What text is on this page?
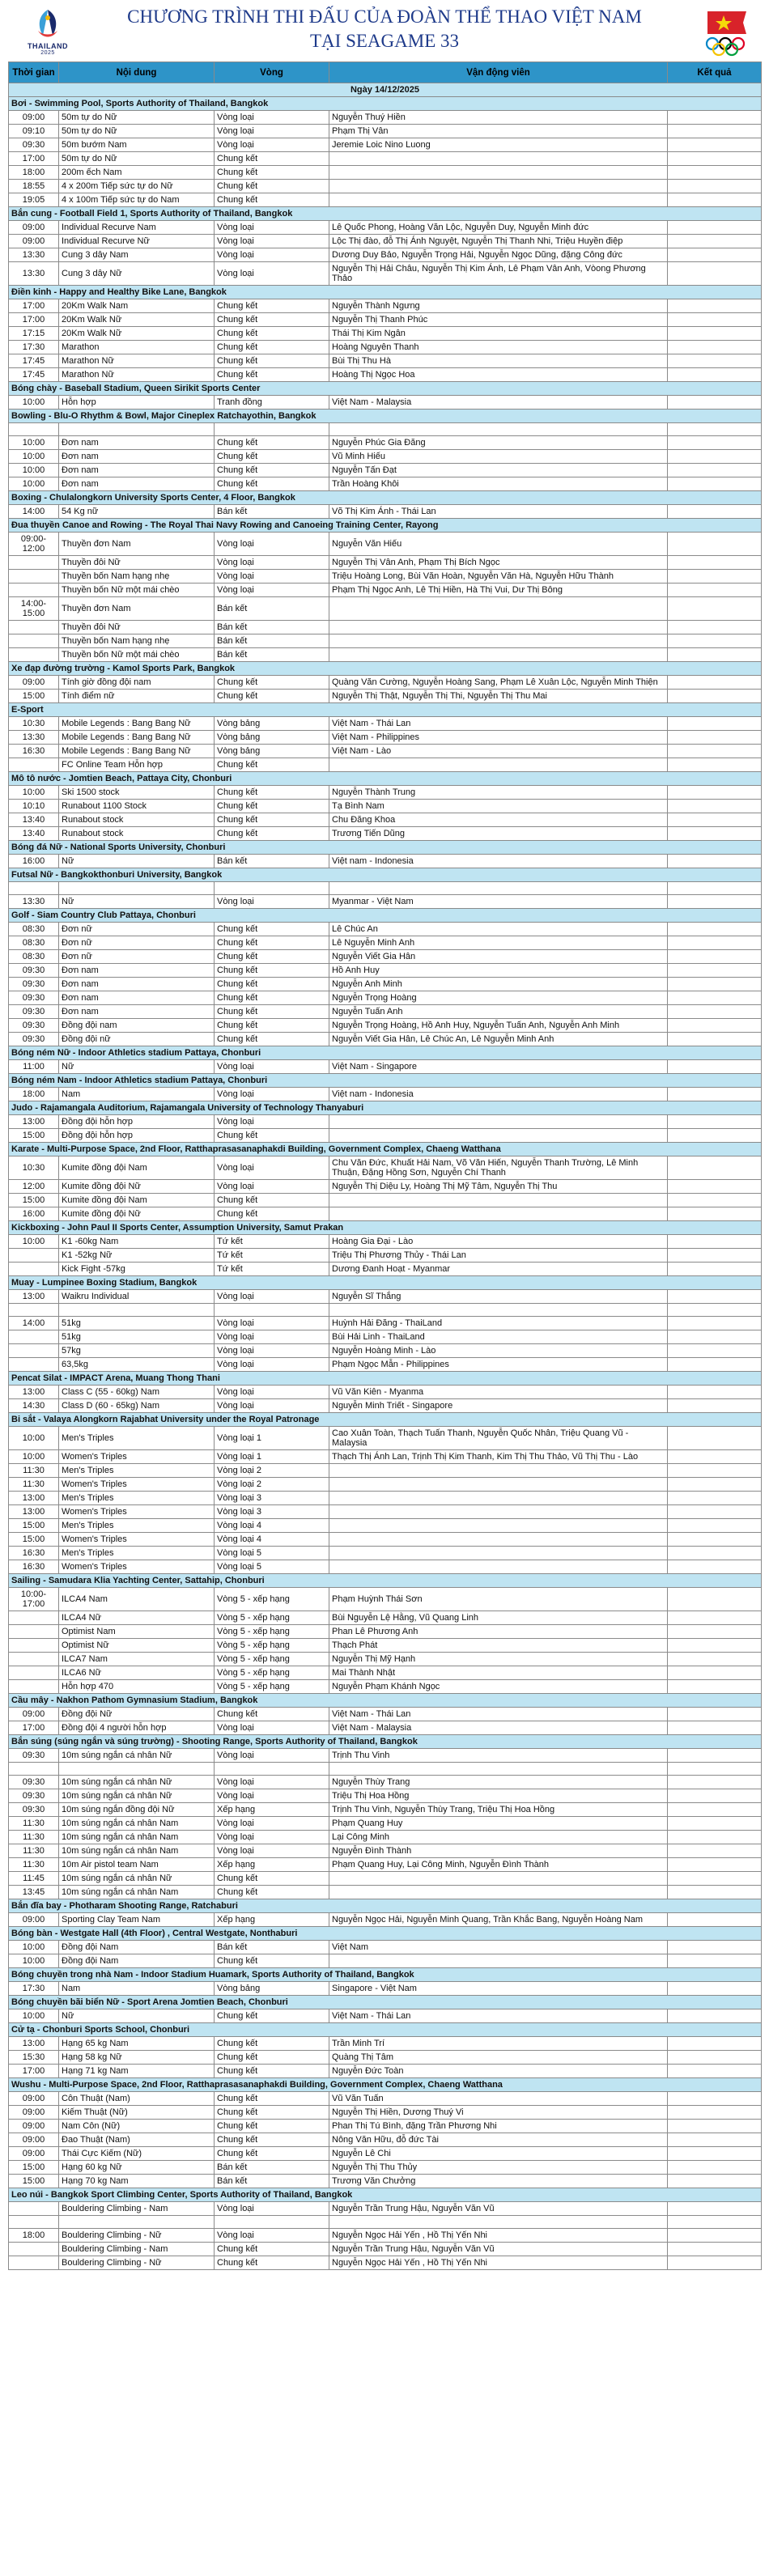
THAILAND
2025
CHƯƠNG TRÌNH THI ĐẤU CỦA ĐOÀN THỂ THAO VIỆT NAM
TẠI SEAGAME 33
Thời gian	Nội dung	Vòng	Vận động viên	Kết quả
Ngày 14/12/2025				
Bơi - Swimming Pool, Sports Authority of Thailand, Bangkok				
09:00	50m tự do Nữ	Vòng loại	Nguyễn Thuý Hiền	
09:10	50m tự do Nữ	Vòng loại	Phạm Thị Vân	
09:30	50m bướm Nam	Vòng loại	Jeremie Loic Nino Luong	
17:00	50m tự do Nữ	Chung kết		
18:00	200m ếch Nam	Chung kết		
18:55	4 x 200m Tiếp sức tự do Nữ	Chung kết		
19:05	4 x 100m Tiếp sức tự do Nam	Chung kết		
Bắn cung - Football Field 1, Sports Authority of Thailand, Bangkok				
09:00	Individual Recurve Nam	Vòng loại	Lê Quốc Phong, Hoàng Văn Lộc, Nguyễn Duy, Nguyễn Minh đức	
09:00	Individual Recurve Nữ	Vòng loại	Lộc Thị đào, đỗ Thị Ánh Nguyệt, Nguyễn Thị Thanh Nhi, Triệu Huyền điệp	
13:30	Cung 3 dây Nam	Vòng loại	Dương Duy Bảo, Nguyễn Trọng Hải, Nguyễn Ngọc Dũng, đặng Công đức	
13:30	Cung 3 dây Nữ	Vòng loại	Nguyễn Thị Hải Châu, Nguyễn Thị Kim Ánh, Lê Phạm Vân Anh, Vòong Phương Thảo	
Điền kinh - Happy and Healthy Bike Lane, Bangkok				
17:00	20Km Walk Nam	Chung kết	Nguyễn Thành Ngưng	
17:00	20Km Walk Nữ	Chung kết	Nguyễn Thị Thanh Phúc	
17:15	20Km Walk Nữ	Chung kết	Thái Thị Kim Ngân	
17:30	Marathon	Chung kết	Hoàng Nguyên Thanh	
17:45	Marathon Nữ	Chung kết	Bùi Thị Thu Hà	
17:45	Marathon Nữ	Chung kết	Hoàng Thị Ngọc Hoa	
Bóng chày - Baseball Stadium, Queen Sirikit Sports Center				
10:00	Hỗn hợp	Tranh đồng	Việt Nam - Malaysia	
Bowling - Blu-O Rhythm & Bowl, Major Cineplex Ratchayothin, Bangkok				

10:00	Đơn nam	Chung kết	Nguyễn Phúc Gia Đăng	
10:00	Đơn nam	Chung kết	Vũ Minh Hiếu	
10:00	Đơn nam	Chung kết	Nguyễn Tấn Đạt	
10:00	Đơn nam	Chung kết	Trần Hoàng Khôi	
Boxing - Chulalongkorn University Sports Center, 4 Floor, Bangkok				
14:00	54 Kg nữ	Bán kết	Võ Thị Kim Ánh - Thái Lan	
Đua thuyền Canoe and Rowing - The Royal Thai Navy Rowing and Canoeing Training Center, Rayong				
09:00-12:00	Thuyền đơn Nam	Vòng loại	Nguyễn Văn Hiếu	
	Thuyền đôi Nữ	Vòng loại	Nguyễn Thị Vân Anh, Phạm Thị Bích Ngọc	
	Thuyền bốn Nam hạng nhẹ	Vòng loại	Triệu Hoàng Long, Bùi Văn Hoàn, Nguyễn Văn Hà, Nguyễn Hữu Thành	
	Thuyền bốn Nữ một mái chèo	Vòng loại	Phạm Thị Ngọc Anh, Lê Thị Hiền, Hà Thị Vui, Dư Thị Bông	
14:00-15:00	Thuyền đơn Nam	Bán kết		
	Thuyền đôi Nữ	Bán kết		
	Thuyền bốn Nam hạng nhẹ	Bán kết		
	Thuyền bốn Nữ một mái chèo	Bán kết		
Xe đạp đường trường - Kamol Sports Park, Bangkok				
09:00	Tính giờ đồng đội nam	Chung kết	Quàng Văn Cường, Nguyễn Hoàng Sang, Phạm Lê Xuân Lộc, Nguyễn Minh Thiện	
15:00	Tính điểm nữ	Chung kết	Nguyễn Thị Thật, Nguyễn Thị Thi, Nguyễn Thị Thu Mai	
E-Sport				
10:30	Mobile Legends : Bang Bang Nữ	Vòng bảng	Việt Nam - Thái Lan	
13:30	Mobile Legends : Bang Bang Nữ	Vòng bảng	Việt Nam - Philippines	
16:30	Mobile Legends : Bang Bang Nữ	Vòng bảng	Việt Nam - Lào	
	FC Online Team Hỗn hợp	Chung kết		
Mô tô nước - Jomtien Beach, Pattaya City, Chonburi				
10:00	Ski 1500 stock	Chung kết	Nguyễn Thành Trung	
10:10	Runabout 1100 Stock	Chung kết	Tạ Bình Nam	
13:40	Runabout stock	Chung kết	Chu Đăng Khoa	
13:40	Runabout stock	Chung kết	Trương Tiến Dũng	
Bóng đá Nữ - National Sports University, Chonburi				
16:00	Nữ	Bán kết	Việt nam - Indonesia	
Futsal Nữ - Bangkokthonburi University, Bangkok				

13:30	Nữ	Vòng loại	Myanmar - Việt Nam	
Golf - Siam Country Club Pattaya, Chonburi				
08:30	Đơn nữ	Chung kết	Lê Chúc An	
08:30	Đơn nữ	Chung kết	Lê Nguyễn Minh Anh	
08:30	Đơn nữ	Chung kết	Nguyễn Viết Gia Hân	
09:30	Đơn nam	Chung kết	Hồ Anh Huy	
09:30	Đơn nam	Chung kết	Nguyễn Anh Minh	
09:30	Đơn nam	Chung kết	Nguyễn Trọng Hoàng	
09:30	Đơn nam	Chung kết	Nguyễn Tuấn Anh	
09:30	Đồng đội nam	Chung kết	Nguyễn Trọng Hoàng, Hồ Anh Huy, Nguyễn Tuấn Anh, Nguyễn Anh Minh	
09:30	Đồng đội nữ	Chung kết	Nguyễn Viết Gia Hân, Lê Chúc An, Lê Nguyễn Minh Anh	
Bóng ném Nữ - Indoor Athletics stadium Pattaya, Chonburi				
11:00	Nữ	Vòng loại	Việt Nam - Singapore	
Bóng ném Nam - Indoor Athletics stadium Pattaya, Chonburi				
18:00	Nam	Vòng loại	Việt nam - Indonesia	
Judo - Rajamangala Auditorium, Rajamangala University of Technology Thanyaburi				
13:00	Đồng đội hỗn hợp	Vòng loại		
15:00	Đồng đội hỗn hợp	Chung kết		
Karate - Multi-Purpose Space, 2nd Floor, Ratthaprasasanaphakdi Building, Government Complex, Chaeng Watthana				
10:30	Kumite đồng đội Nam	Vòng loại	Chu Văn Đức, Khuất Hải Nam, Võ Văn Hiến, Nguyễn Thanh Trường, Lê Minh Thuận, Đặng Hồng Sơn, Nguyễn Chí Thanh	
12:00	Kumite đồng đội Nữ	Vòng loại	Nguyễn Thị Diệu Ly, Hoàng Thị Mỹ Tâm, Nguyễn Thị Thu	
15:00	Kumite đồng đội Nam	Chung kết		
16:00	Kumite đồng đội Nữ	Chung kết		
Kickboxing - John Paul II Sports Center, Assumption University, Samut Prakan				
10:00	K1 -60kg Nam	Tứ kết	Hoàng Gia Đại - Lào	
	K1 -52kg Nữ	Tứ kết	Triệu Thị Phương Thủy - Thái Lan	
	Kick Fight -57kg	Tứ kết	Dương Đanh Hoạt - Myanmar	
Muay - Lumpinee Boxing Stadium, Bangkok				
13:00	Waikru Individual	Vòng loại	Nguyễn Sĩ Thắng	

14:00	51kg	Vòng loại	Huỳnh Hải Đăng - ThaiLand	
	51kg	Vòng loại	Bùi Hải Linh - ThaiLand	
	57kg	Vòng loại	Nguyễn Hoàng Minh - Lào	
	63,5kg	Vòng loại	Phạm Ngọc Mẫn - Philippines	
Pencat Silat - IMPACT Arena, Muang Thong Thani				
13:00	Class C (55 - 60kg) Nam	Vòng loại	Vũ Văn Kiên - Myanma	
14:30	Class D (60 - 65kg) Nam	Vòng loại	Nguyễn Minh Triết - Singapore	
Bi sắt - Valaya Alongkorn Rajabhat University under the Royal Patronage				
10:00	Men's Triples	Vòng loại 1	Cao Xuân Toàn, Thạch Tuấn Thanh, Nguyễn Quốc Nhân, Triệu Quang Vũ - Malaysia	
10:00	Women's Triples	Vòng loại 1	Thạch Thị Ánh Lan, Trịnh Thị Kim Thanh, Kim Thị Thu Thảo, Vũ Thị Thu - Lào	
11:30	Men's Triples	Vòng loại 2		
11:30	Women's Triples	Vòng loại 2		
13:00	Men's Triples	Vòng loại 3		
13:00	Women's Triples	Vòng loại 3		
15:00	Men's Triples	Vòng loại 4		
15:00	Women's Triples	Vòng loại 4		
16:30	Men's Triples	Vòng loại 5		
16:30	Women's Triples	Vòng loại 5		
Sailing - Samudara Klia Yachting Center, Sattahip, Chonburi				
10:00-17:00	ILCA4 Nam	Vòng 5 - xếp hạng	Phạm Huỳnh Thái Sơn	
	ILCA4 Nữ	Vòng 5 - xếp hạng	Bùi Nguyễn Lệ Hằng, Vũ Quang Linh	
	Optimist Nam	Vòng 5 - xếp hạng	Phan Lê Phương Anh	
	Optimist Nữ	Vòng 5 - xếp hạng	Thạch Phát	
	ILCA7 Nam	Vòng 5 - xếp hạng	Nguyễn Thị Mỹ Hạnh	
	ILCA6 Nữ	Vòng 5 - xếp hạng	Mai Thành Nhật	
	Hỗn hợp 470	Vòng 5 - xếp hạng	Nguyễn Phạm Khánh Ngọc	
Cầu mây - Nakhon Pathom Gymnasium Stadium, Bangkok				
09:00	Đồng đội Nữ	Chung kết	Việt Nam - Thái Lan	
17:00	Đồng đội 4 người hỗn hợp	Vòng loại	Việt Nam - Malaysia	
Bắn súng (súng ngắn và súng trường) - Shooting Range, Sports Authority of Thailand, Bangkok				
09:30	10m súng ngắn cá nhân Nữ	Vòng loại	Trịnh Thu Vinh	

09:30	10m súng ngắn cá nhân Nữ	Vòng loại	Nguyễn Thùy Trang	
09:30	10m súng ngắn cá nhân Nữ	Vòng loại	Triệu Thị Hoa Hồng	
09:30	10m súng ngắn đồng đội Nữ	Xếp hạng	Trịnh Thu Vinh, Nguyễn Thùy Trang, Triệu Thị Hoa Hồng	
11:30	10m súng ngắn cá nhân Nam	Vòng loại	Phạm Quang Huy	
11:30	10m súng ngắn cá nhân Nam	Vòng loại	Lại Công Minh	
11:30	10m súng ngắn cá nhân Nam	Vòng loại	Nguyễn Đình Thành	
11:30	10m Air pistol team Nam	Xếp hạng	Phạm Quang Huy, Lại Công Minh, Nguyễn Đình Thành	
11:45	10m súng ngắn cá nhân Nữ	Chung kết		
13:45	10m súng ngắn cá nhân Nam	Chung kết		
Bắn đĩa bay - Photharam Shooting Range, Ratchaburi				
09:00	Sporting Clay Team Nam	Xếp hạng	Nguyễn Ngọc Hải, Nguyễn Minh Quang, Trần Khắc Bang, Nguyễn Hoàng Nam	
Bóng bàn - Westgate Hall (4th Floor) , Central Westgate, Nonthaburi				
10:00	Đồng đội Nam	Bán kết	Việt Nam	
10:00	Đồng đội Nam	Chung kết		
Bóng chuyền trong nhà Nam - Indoor Stadium Huamark, Sports Authority of Thailand, Bangkok				
17:30	Nam	Vòng bảng	Singapore - Việt Nam	
Bóng chuyền bãi biển Nữ - Sport Arena Jomtien Beach, Chonburi				
10:00	Nữ	Chung kết	Việt Nam - Thái Lan	
Cử tạ - Chonburi Sports School, Chonburi				
13:00	Hạng 65 kg Nam	Chung kết	Trần Minh Trí	
15:30	Hạng 58 kg Nữ	Chung kết	Quàng Thị Tâm	
17:00	Hạng 71 kg Nam	Chung kết	Nguyễn Đức Toàn	
Wushu - Multi-Purpose Space, 2nd Floor, Ratthaprasasanaphakdi Building, Government Complex, Chaeng Watthana				
09:00	Côn Thuật (Nam)	Chung kết	Vũ Văn Tuấn	
09:00	Kiếm Thuật (Nữ)	Chung kết	Nguyễn Thị Hiền, Dương Thuý Vi	
09:00	Nam Côn (Nữ)	Chung kết	Phan Thị Tú Bình, đặng Trần Phương Nhi	
09:00	Đao Thuật (Nam)	Chung kết	Nông Văn Hữu, đỗ đức Tài	
09:00	Thái Cực Kiếm (Nữ)	Chung kết	Nguyễn Lê Chi	
15:00	Hạng 60 kg Nữ	Bán kết	Nguyễn Thị Thu Thủy	
15:00	Hạng 70 kg Nam	Bán kết	Trương Văn Chưởng	
Leo núi - Bangkok Sport Climbing Center, Sports Authority of Thailand, Bangkok				
	Bouldering Climbing - Nam	Vòng loại	Nguyễn Trần Trung Hậu, Nguyễn Văn Vũ	

18:00	Bouldering Climbing - Nữ	Vòng loại	Nguyễn Ngọc Hải Yến , Hồ Thị Yến Nhi	
	Bouldering Climbing - Nam	Chung kết	Nguyễn Trần Trung Hậu, Nguyễn Văn Vũ	
	Bouldering Climbing - Nữ	Chung kết	Nguyễn Ngọc Hải Yến , Hồ Thị Yến Nhi	
